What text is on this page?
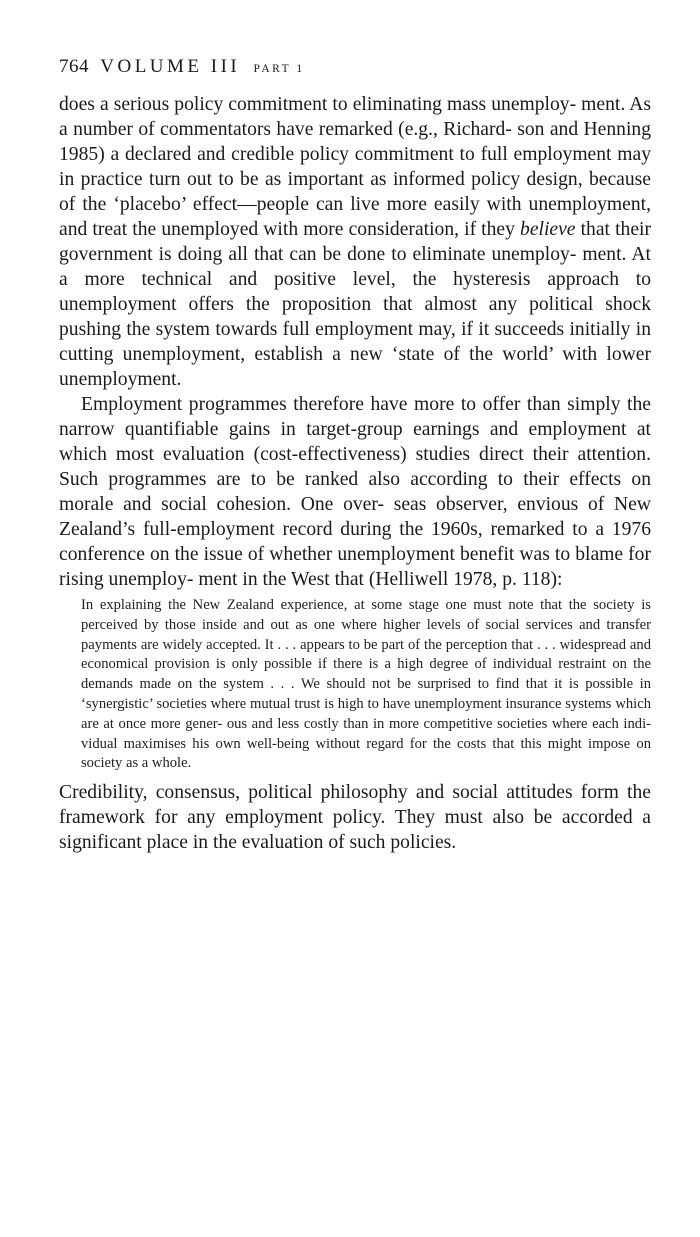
764 VOLUME III PART 1

does a serious policy commitment to eliminating mass unemploy- ment. As a number of commentators have remarked (e.g., Richard- son and Henning 1985) a declared and credible policy commitment to full employment may in practice turn out to be as important as informed policy design, because of the ‘placebo’ effect—people can live more easily with unemployment, and treat the unemployed with more consideration, if they believe that their government is doing all that can be done to eliminate unemploy- ment. At a more technical and positive level, the hysteresis approach to unemployment offers the proposition that almost any political shock pushing the system towards full employment may, if it succeeds initially in cutting unemployment, establish a new ‘state of the world’ with lower unemployment.

Employment programmes therefore have more to offer than simply the narrow quantifiable gains in target-group earnings and employment at which most evaluation (cost-effectiveness) studies direct their attention. Such programmes are to be ranked also according to their effects on morale and social cohesion. One over- seas observer, envious of New Zealand’s full-employment record during the 1960s, remarked to a 1976 conference on the issue of whether unemployment benefit was to blame for rising unemploy- ment in the West that (Helliwell 1978, p. 118):

In explaining the New Zealand experience, at some stage one must note that the society is perceived by those inside and out as one where higher levels of social services and transfer payments are widely accepted. It . . . appears to be part of the perception that . . . widespread and economical provision is only possible if there is a high degree of individual restraint on the demands made on the system . . . We should not be surprised to find that it is possible in ‘synergistic’ societies where mutual trust is high to have unemployment insurance systems which are at once more gener- ous and less costly than in more competitive societies where each indi- vidual maximises his own well-being without regard for the costs that this might impose on society as a whole.

Credibility, consensus, political philosophy and social attitudes form the framework for any employment policy. They must also be accorded a significant place in the evaluation of such policies.
